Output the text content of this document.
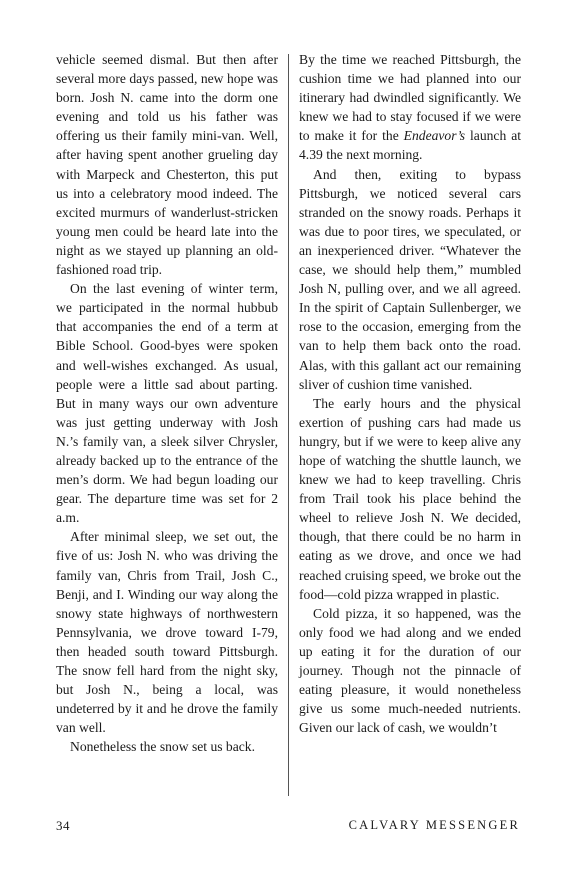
vehicle seemed dismal. But then after several more days passed, new hope was born. Josh N. came into the dorm one evening and told us his father was offering us their family mini-van. Well, after having spent another grueling day with Marpeck and Chesterton, this put us into a celebratory mood indeed. The excited murmurs of wanderlust-stricken young men could be heard late into the night as we stayed up planning an old-fashioned road trip.

On the last evening of winter term, we participated in the normal hubbub that accompanies the end of a term at Bible School. Good-byes were spoken and well-wishes exchanged. As usual, people were a little sad about parting. But in many ways our own adventure was just getting underway with Josh N.’s family van, a sleek silver Chrysler, already backed up to the entrance of the men’s dorm. We had begun loading our gear. The departure time was set for 2 a.m.

After minimal sleep, we set out, the five of us: Josh N. who was driving the family van, Chris from Trail, Josh C., Benji, and I. Winding our way along the snowy state highways of northwestern Pennsylvania, we drove toward I-79, then headed south toward Pittsburgh. The snow fell hard from the night sky, but Josh N., being a local, was undeterred by it and he drove the family van well.

Nonetheless the snow set us back.

By the time we reached Pittsburgh, the cushion time we had planned into our itinerary had dwindled significantly. We knew we had to stay focused if we were to make it for the Endeavor’s launch at 4.39 the next morning.

And then, exiting to bypass Pittsburgh, we noticed several cars stranded on the snowy roads. Perhaps it was due to poor tires, we speculated, or an inexperienced driver. “Whatever the case, we should help them,” mumbled Josh N, pulling over, and we all agreed. In the spirit of Captain Sullenberger, we rose to the occasion, emerging from the van to help them back onto the road. Alas, with this gallant act our remaining sliver of cushion time vanished.

The early hours and the physical exertion of pushing cars had made us hungry, but if we were to keep alive any hope of watching the shuttle launch, we knew we had to keep travelling. Chris from Trail took his place behind the wheel to relieve Josh N. We decided, though, that there could be no harm in eating as we drove, and once we had reached cruising speed, we broke out the food—cold pizza wrapped in plastic.

Cold pizza, it so happened, was the only food we had along and we ended up eating it for the duration of our journey. Though not the pinnacle of eating pleasure, it would nonetheless give us some much-needed nutrients. Given our lack of cash, we wouldn’t

34	CALVARY MESSENGER
